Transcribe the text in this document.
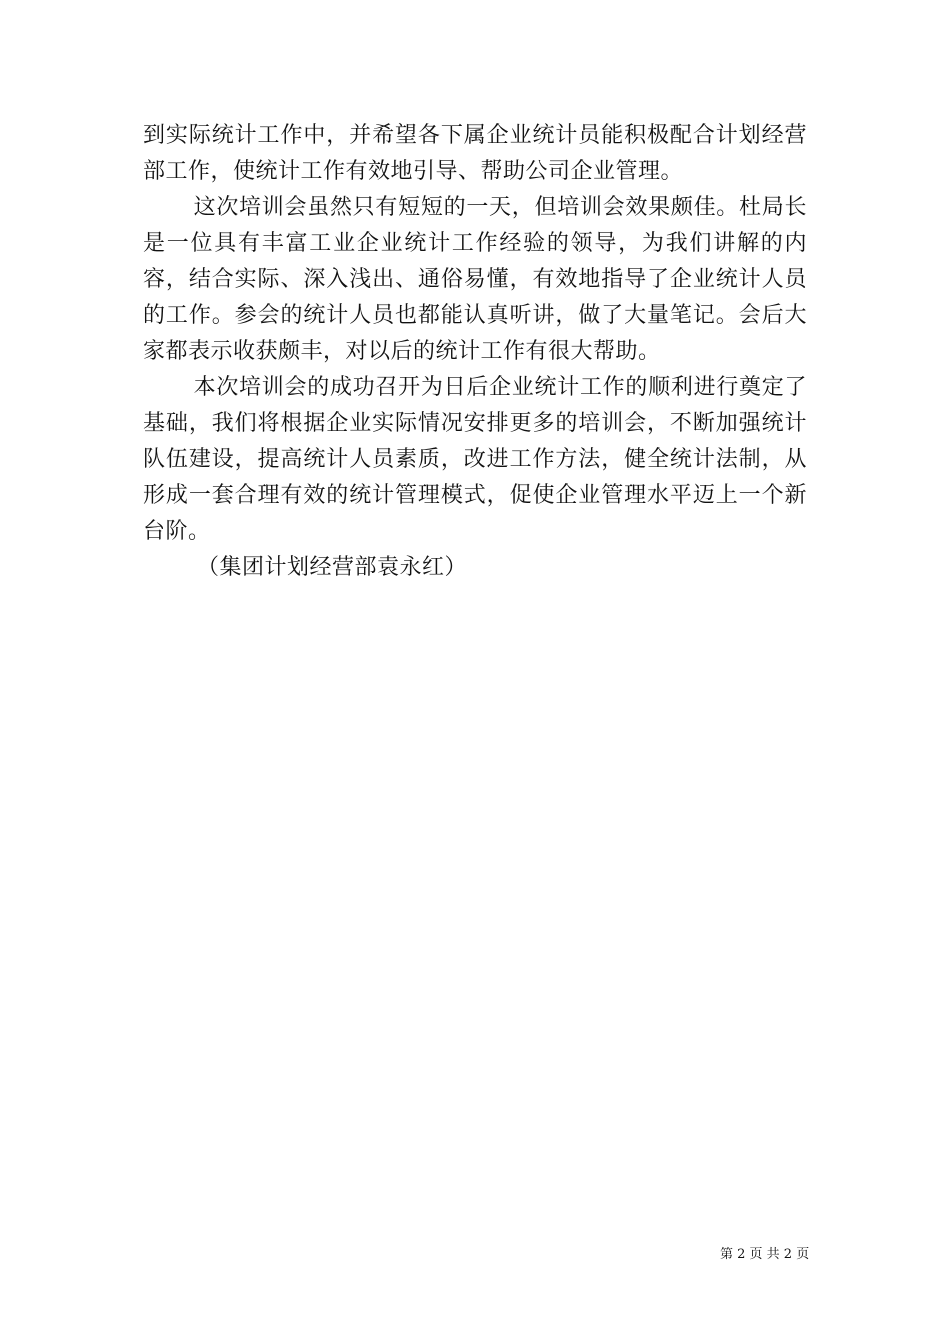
到实际统计工作中，并希望各下属企业统计员能积极配合计划经营部工作，使统计工作有效地引导、帮助公司企业管理。

这次培训会虽然只有短短的一天，但培训会效果颇佳。杜局长是一位具有丰富工业企业统计工作经验的领导，为我们讲解的内容，结合实际、深入浅出、通俗易懂，有效地指导了企业统计人员的工作。参会的统计人员也都能认真听讲，做了大量笔记。会后大家都表示收获颇丰，对以后的统计工作有很大帮助。

本次培训会的成功召开为日后企业统计工作的顺利进行奠定了基础，我们将根据企业实际情况安排更多的培训会，不断加强统计队伍建设，提高统计人员素质，改进工作方法，健全统计法制，从形成一套合理有效的统计管理模式，促使企业管理水平迈上一个新台阶。

（集团计划经营部袁永红）

第 2 页 共 2 页
